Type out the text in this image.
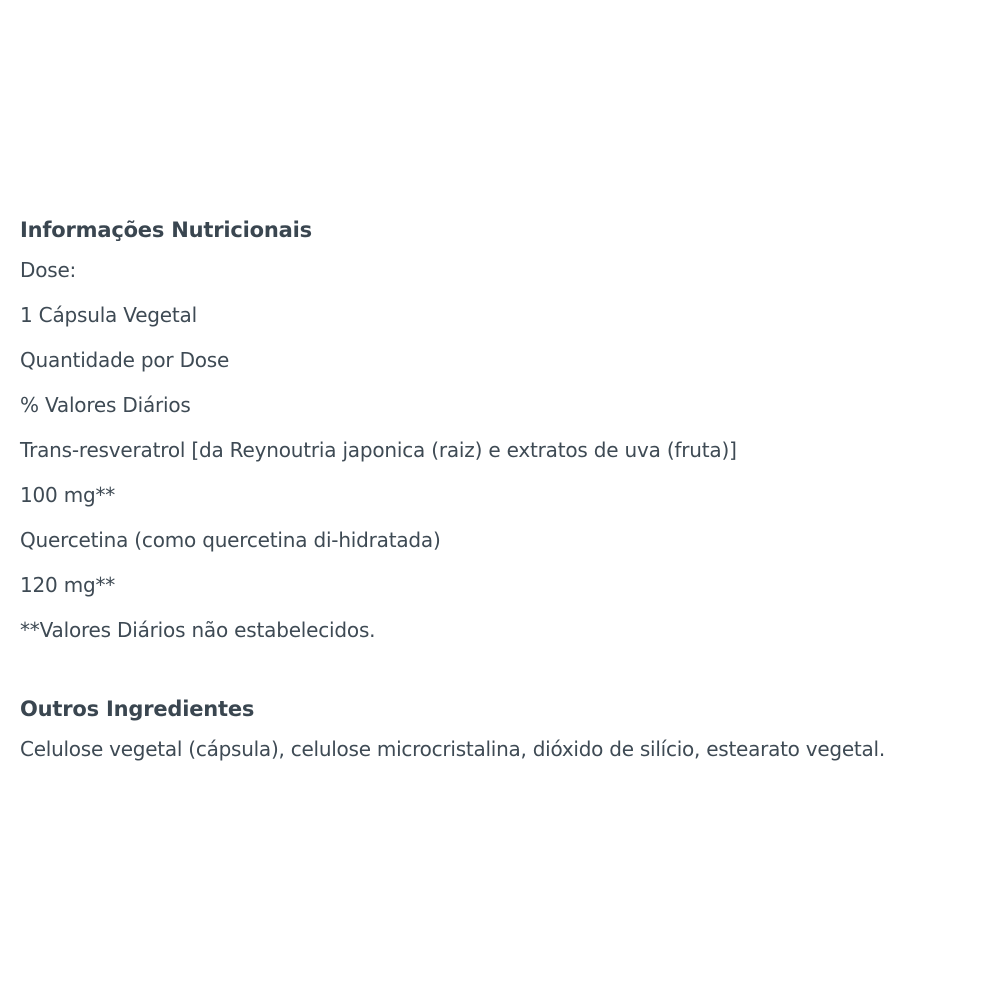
Informações Nutricionais
Dose:
1 Cápsula Vegetal
Quantidade por Dose
% Valores Diários
Trans-resveratrol [da Reynoutria japonica (raiz) e extratos de uva (fruta)]
100 mg**
Quercetina (como quercetina di-hidratada)
120 mg**
**Valores Diários não estabelecidos.
Outros Ingredientes
Celulose vegetal (cápsula), celulose microcristalina, dióxido de silício, estearato vegetal.
